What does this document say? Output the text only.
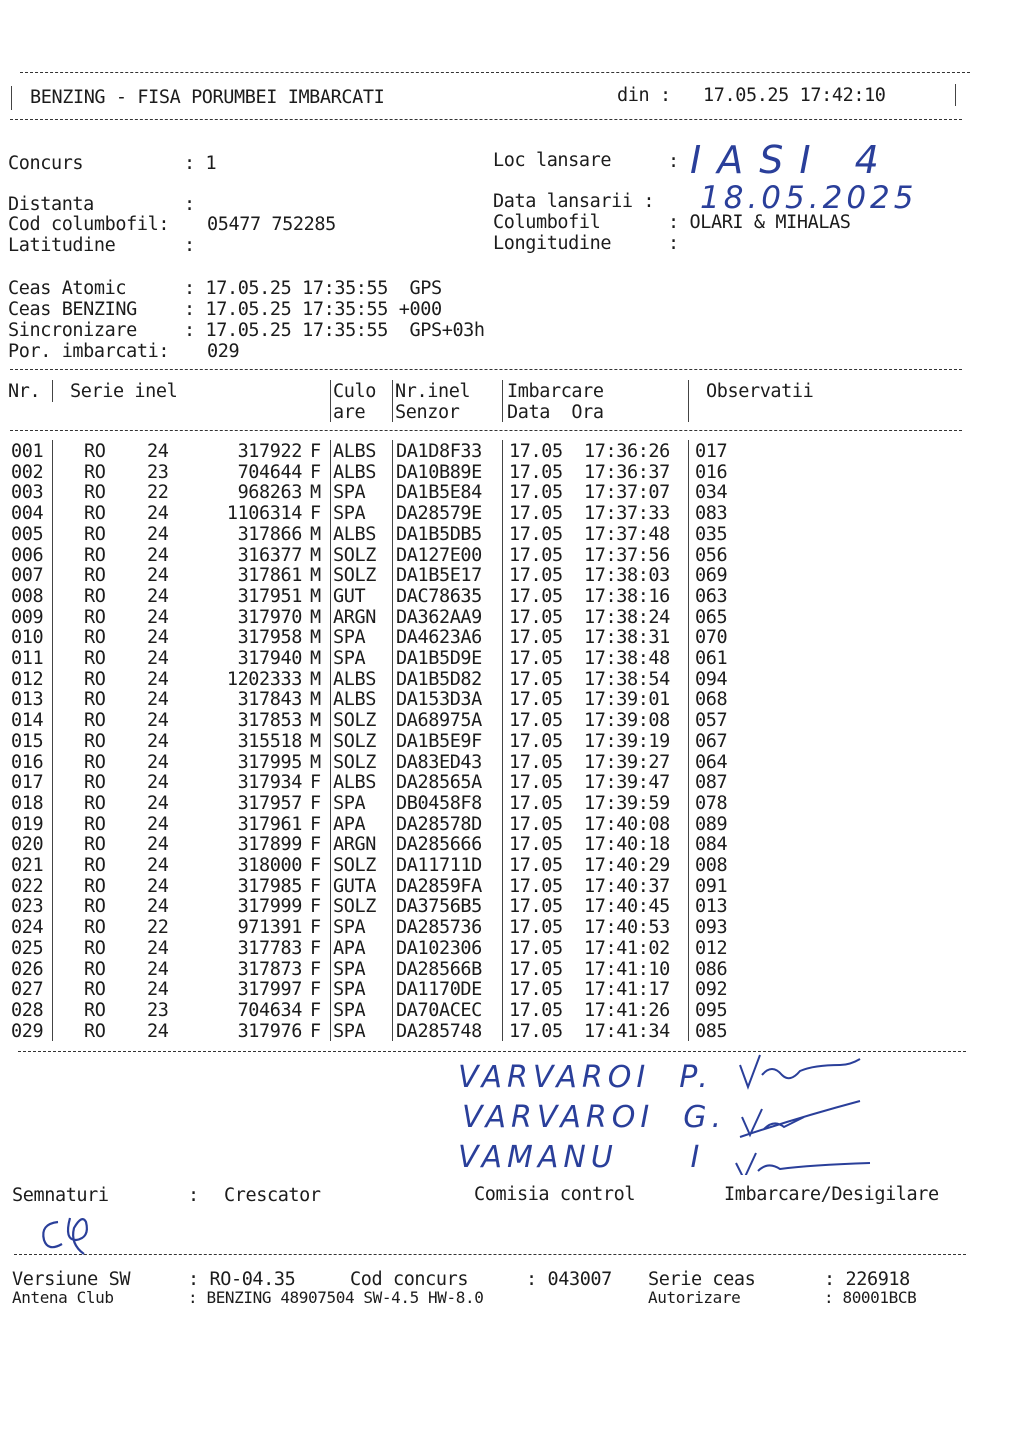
BENZING - FISA PORUMBEI IMBARCATI	din : 17.05.25 17:42:10
Concurs	: 1	Loc lansare	: IASI 4
Distanta	:	Data lansarii : 18.05.2025
Cod columbofil: 05477 752285	Columbofil	: OLARI & MIHALAS
Latitudine	:	Longitudine	:
Ceas Atomic	: 17.05.25 17:35:55  GPS
Ceas BENZING	: 17.05.25 17:35:55 +000
Sincronizare	: 17.05.25 17:35:55  GPS+03h
Por. imbarcati: 029
Nr. Serie inel	Culo
are
Nr.inel
Senzor
Imbarcare
Data  Ora
Observatii
001 RO 24	317922 F ALBS DA1D8F33 17.05 17:36:26 017
002 RO 23	704644 F ALBS DA10B89E 17.05 17:36:37 016
003 RO 22	968263 M SPA DA1B5E84 17.05 17:37:07 034
004 RO 24	1106314 F SPA DA28579E 17.05 17:37:33 083
005 RO 24	317866 M ALBS DA1B5DB5 17.05 17:37:48 035
006 RO 24	316377 M SOLZ DA127E00 17.05 17:37:56 056
007 RO 24	317861 M SOLZ DA1B5E17 17.05 17:38:03 069
008 RO 24	317951 M GUT DAC78635 17.05 17:38:16 063
009 RO 24	317970 M ARGN DA362AA9 17.05 17:38:24 065
010 RO 24	317958 M SPA DA4623A6 17.05 17:38:31 070
011 RO 24	317940 M SPA DA1B5D9E 17.05 17:38:48 061
012 RO 24	1202333 M ALBS DA1B5D82 17.05 17:38:54 094
013 RO 24	317843 M ALBS DA153D3A 17.05 17:39:01 068
014 RO 24	317853 M SOLZ DA68975A 17.05 17:39:08 057
015 RO 24	315518 M SOLZ DA1B5E9F 17.05 17:39:19 067
016 RO 24	317995 M SOLZ DA83ED43 17.05 17:39:27 064
017 RO 24	317934 F ALBS DA28565A 17.05 17:39:47 087
018 RO 24	317957 F SPA DB0458F8 17.05 17:39:59 078
019 RO 24	317961 F APA DA28578D 17.05 17:40:08 089
020 RO 24	317899 F ARGN DA285666 17.05 17:40:18 084
021 RO 24	318000 F SOLZ DA11711D 17.05 17:40:29 008
022 RO 24	317985 F GUTA DA2859FA 17.05 17:40:37 091
023 RO 24	317999 F SOLZ DA3756B5 17.05 17:40:45 013
024 RO 22	971391 F SPA DA285736 17.05 17:40:53 093
025 RO 24	317783 F APA DA102306 17.05 17:41:02 012
026 RO 24	317873 F SPA DA28566B 17.05 17:41:10 086
027 RO 24	317997 F SPA DA1170DE 17.05 17:41:17 092
028 RO 23	704634 F SPA DA70ACEC 17.05 17:41:26 095
029 RO 24	317976 F SPA DA285748 17.05 17:41:34 085
VARVAROI  P.
VARVAROI  G.
VAMANU     I
Semnaturi	: Crescator	Comisia control	Imbarcare/Desigilare
Versiune SW	: RO-04.35	Cod concurs	: 043007 Serie ceas	: 226918
Antena Club	: BENZING 48907504 SW-4.5 HW-8.0	Autorizare	: 80001BCB
